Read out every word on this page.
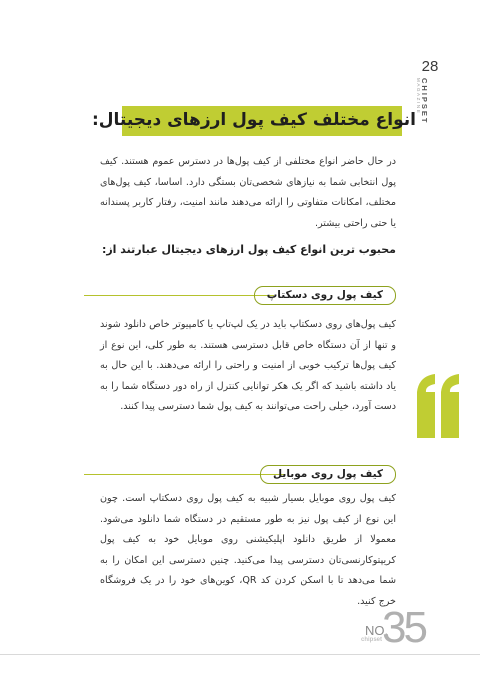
28
CHIPSET
MAGAZINE
انواع مختلف کیف پول ارزهای دیجیتال:
در حال حاضر انواع مختلفی از کیف پول‌ها در دسترس عموم هستند. کیف پول انتخابی شما به نیازهای شخصی‌تان بستگی دارد. اساسا، کیف پول‌های مختلف، امکانات متفاوتی را ارائه می‌دهند مانند امنیت، رفتار کاربر پسندانه یا حتی راحتی بیشتر.
محبوب ترین انواع کیف پول ارزهای دیجیتال عبارتند از:
کیف پول روی دسکتاپ
کیف پول‌های روی دسکتاپ باید در یک لپ‌تاپ یا کامپیوتر خاص دانلود شوند و تنها از آن دستگاه خاص قابل دسترسی هستند. به طور کلی، این نوع از کیف پول‌ها ترکیب خوبی از امنیت و راحتی را ارائه می‌دهند. با این حال به یاد داشته باشید که اگر یک هکر توانایی کنترل از راه دور دستگاه شما را به دست آورد، خیلی راحت می‌توانند به کیف پول شما دسترسی پیدا کنند.
کیف پول روی موبایل
کیف پول روی موبایل بسیار شبیه به کیف پول روی دسکتاپ است. چون این نوع از کیف پول نیز به طور مستقیم در دستگاه شما دانلود می‌شود. معمولا از طریق دانلود اپلیکیشنی روی موبایل خود به کیف پول کریپتوکارنسی‌تان دسترسی پیدا می‌کنید. چنین دسترسی این امکان را به شما می‌دهد تا با اسکن کردن کد QR، کوین‌های خود را در یک فروشگاه خرج کنید.
NO.
35
chipset
